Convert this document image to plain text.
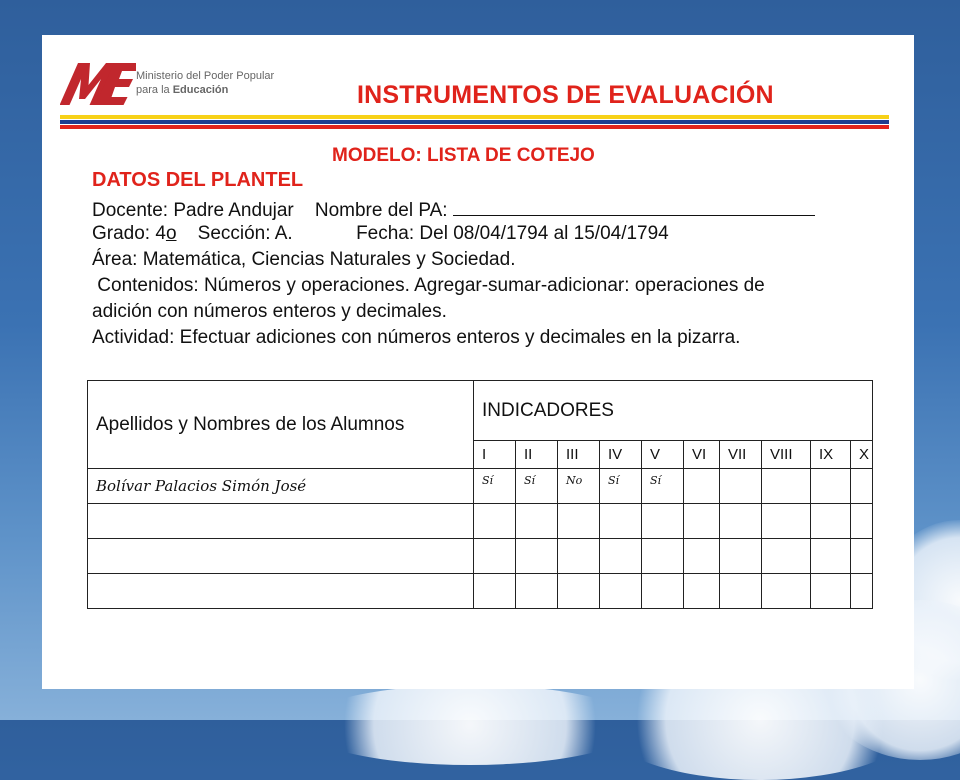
Ministerio del Poder Popular
para la Educación	INSTRUMENTOS DE EVALUACIÓN
MODELO: LISTA DE COTEJO
DATOS DEL PLANTEL
Docente: Padre Andujar Nombre del PA:
Grado: 4o Sección: A.	Fecha: Del 08/04/1794 al 15/04/1794
Área: Matemática, Ciencias Naturales y Sociedad.
Contenidos: Números y operaciones. Agregar-sumar-adicionar: operaciones de
adición con números enteros y decimales.
Actividad: Efectuar adiciones con números enteros y decimales en la pizarra.
Apellidos y Nombres de los Alumnos	INDICADORES									
	I	II	III	IV	V	VI	VII	VIII	IX	X
Bolívar Palacios Simón José	Sí	Sí	No	Sí	Sí					
